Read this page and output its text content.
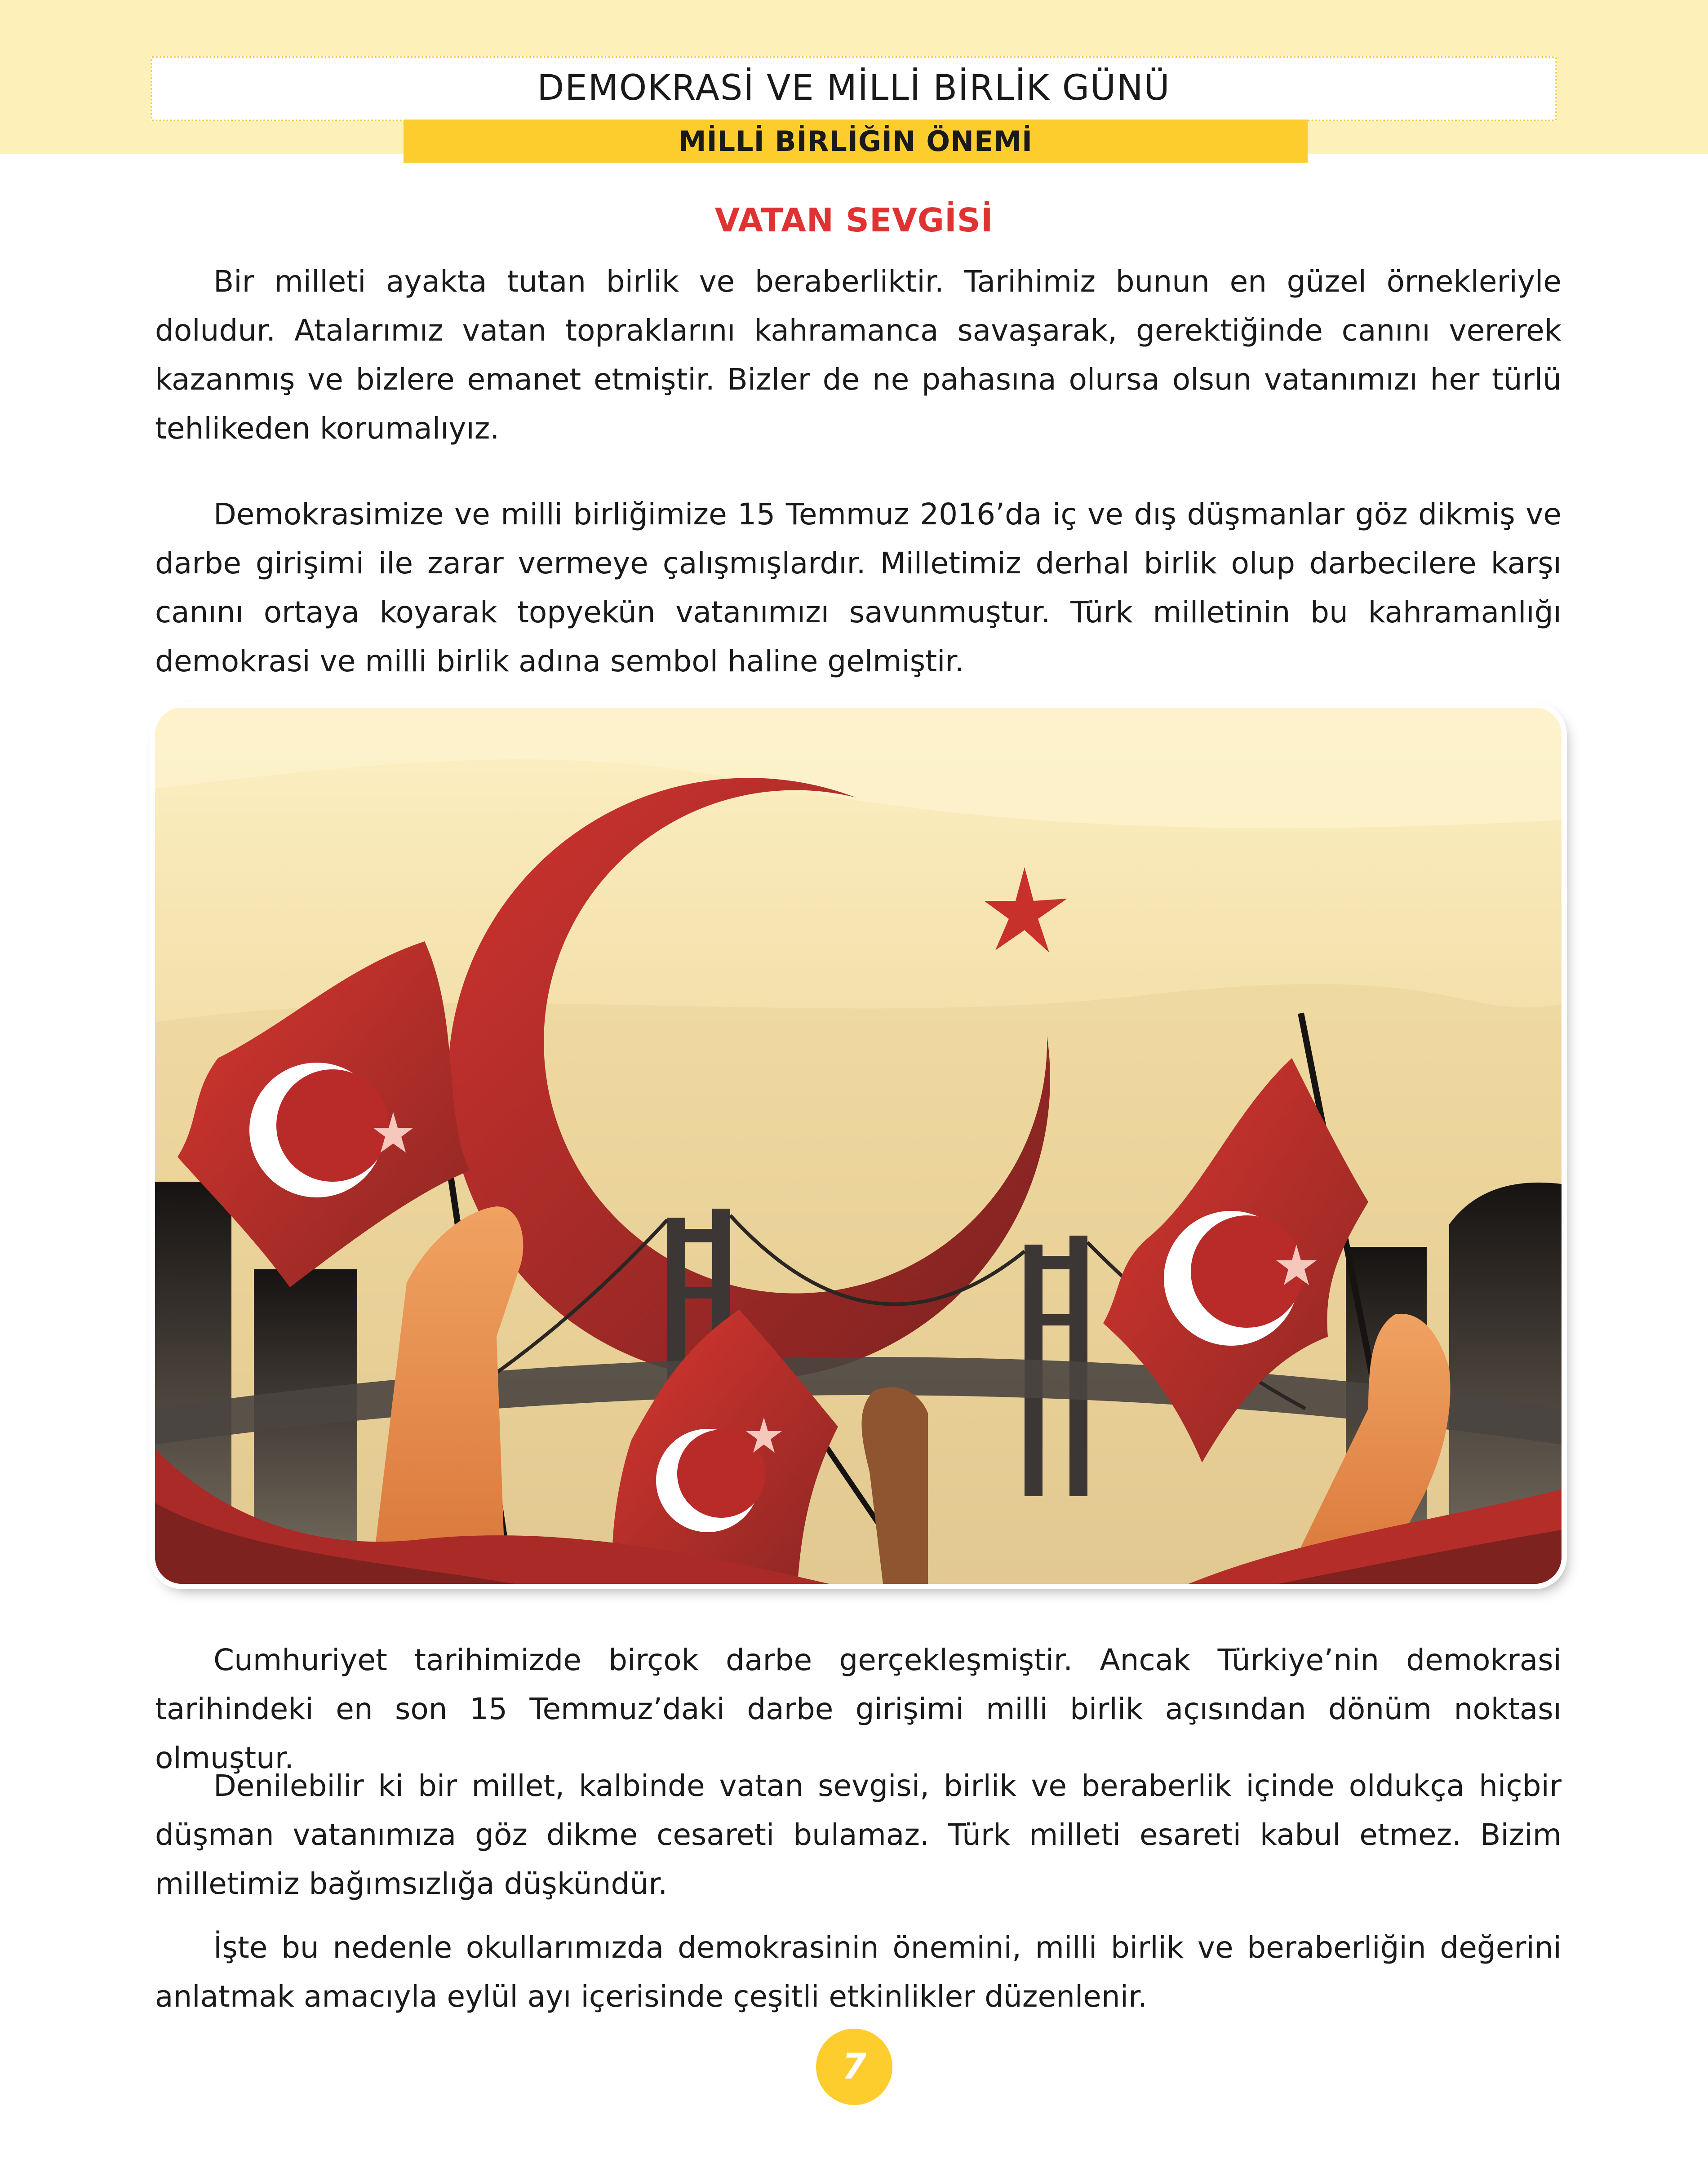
DEMOKRASİ VE MİLLİ BİRLİK GÜNÜ
MİLLİ BİRLİĞİN ÖNEMİ
VATAN SEVGİSİ

Bir milleti ayakta tutan birlik ve beraberliktir. Tarihimiz bunun en güzel örnekleriyle doludur. Atalarımız vatan topraklarını kahramanca savaşarak, gerektiğinde canını vererek kazanmış ve bizlere emanet etmiştir. Bizler de ne pahasına olursa olsun vatanımızı her türlü tehlikeden korumalıyız.

Demokrasimize ve milli birliğimize 15 Temmuz 2016’da iç ve dış düşmanlar göz dikmiş ve darbe girişimi ile zarar vermeye çalışmışlardır. Milletimiz derhal birlik olup darbecilere karşı canını ortaya koyarak topyekün vatanımızı savunmuştur. Türk milletinin bu kahramanlığı demokrasi ve milli birlik adına sembol haline gelmiştir.

Cumhuriyet tarihimizde birçok darbe gerçekleşmiştir. Ancak Türkiye’nin demokrasi tarihindeki en son 15 Temmuz’daki darbe girişimi milli birlik açısından dönüm noktası olmuştur.

Denilebilir ki bir millet, kalbinde vatan sevgisi, birlik ve beraberlik içinde oldukça hiçbir düşman vatanımıza göz dikme cesareti bulamaz. Türk milleti esareti kabul etmez. Bizim milletimiz bağımsızlığa düşkündür.

İşte bu nedenle okullarımızda demokrasinin önemini, milli birlik ve beraberliğin değerini anlatmak amacıyla eylül ayı içerisinde çeşitli etkinlikler düzenlenir.

7
